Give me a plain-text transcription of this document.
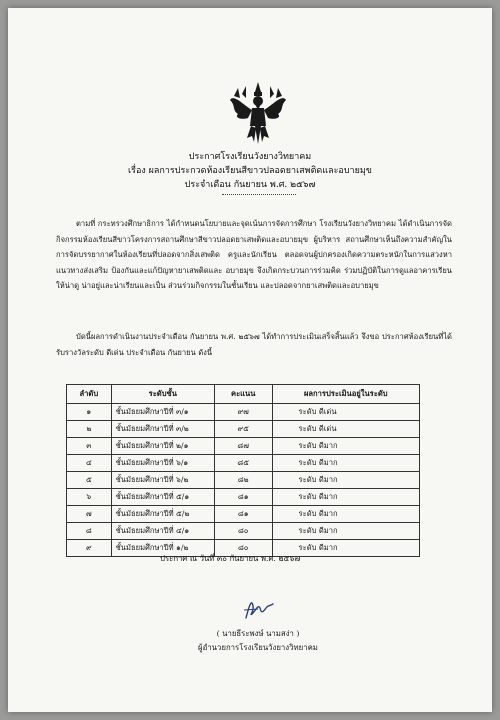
ประกาศโรงเรียนวังยางวิทยาคม
เรื่อง ผลการประกวดห้องเรียนสีขาวปลอดยาเสพติดและอบายมุข
ประจำเดือน กันยายน พ.ศ. ๒๕๖๗

ตามที่ กระทรวงศึกษาธิการ ได้กำหนดนโยบายและจุดเน้นการจัดการศึกษา โรงเรียนวังยางวิทยาคม ได้ดำเนินการจัดกิจกรรมห้องเรียนสีขาวโครงการสถานศึกษาสีขาวปลอดยาเสพติดและอบายมุข ผู้บริหาร สถานศึกษาเห็นถึงความสำคัญในการจัดบรรยากาศในห้องเรียนที่ปลอดจากสิ่งเสพติด ครูและนักเรียน ตลอดจนผู้ปกครองเกิดความตระหนักในการแสวงหาแนวทางส่งเสริม ป้องกันและแก้ปัญหายาเสพติดและ อบายมุข จึงเกิดกระบวนการร่วมคิด ร่วมปฏิบัติในการดูแลอาคารเรียนให้น่าดู น่าอยู่และน่าเรียนและเป็น ส่วนร่วมกิจกรรมในชั้นเรียน และปลอดจากยาเสพติดและอบายมุข

บัดนี้ผลการดำเนินงานประจำเดือน กันยายน พ.ศ. ๒๕๖๗ ได้ทำการประเมินเสร็จสิ้นแล้ว จึงขอ ประกาศห้องเรียนที่ได้รับรางวัลระดับ ดีเด่น ประจำเดือน กันยายน ดังนี้

ลำดับ	ระดับชั้น	คะแนน	ผลการประเมินอยู่ในระดับ
๑	ชั้นมัธยมศึกษาปีที่ ๓/๑	๙๗	ระดับ ดีเด่น
๒	ชั้นมัธยมศึกษาปีที่ ๓/๒	๙๕	ระดับ ดีเด่น
๓	ชั้นมัธยมศึกษาปีที่ ๒/๑	๘๗	ระดับ ดีมาก
๔	ชั้นมัธยมศึกษาปีที่ ๖/๑	๘๕	ระดับ ดีมาก
๕	ชั้นมัธยมศึกษาปีที่ ๖/๒	๘๒	ระดับ ดีมาก
๖	ชั้นมัธยมศึกษาปีที่ ๕/๑	๘๑	ระดับ ดีมาก
๗	ชั้นมัธยมศึกษาปีที่ ๕/๒	๘๑	ระดับ ดีมาก
๘	ชั้นมัธยมศึกษาปีที่ ๔/๑	๘๐	ระดับ ดีมาก
๙	ชั้นมัธยมศึกษาปีที่ ๑/๒	๘๐	ระดับ ดีมาก
ประกาศ ณ วันที่ ๓๐ กันยายน พ.ศ. ๒๕๖๗
( นายธีระพงษ์ นามสง่า )
ผู้อำนวยการโรงเรียนวังยางวิทยาคม
